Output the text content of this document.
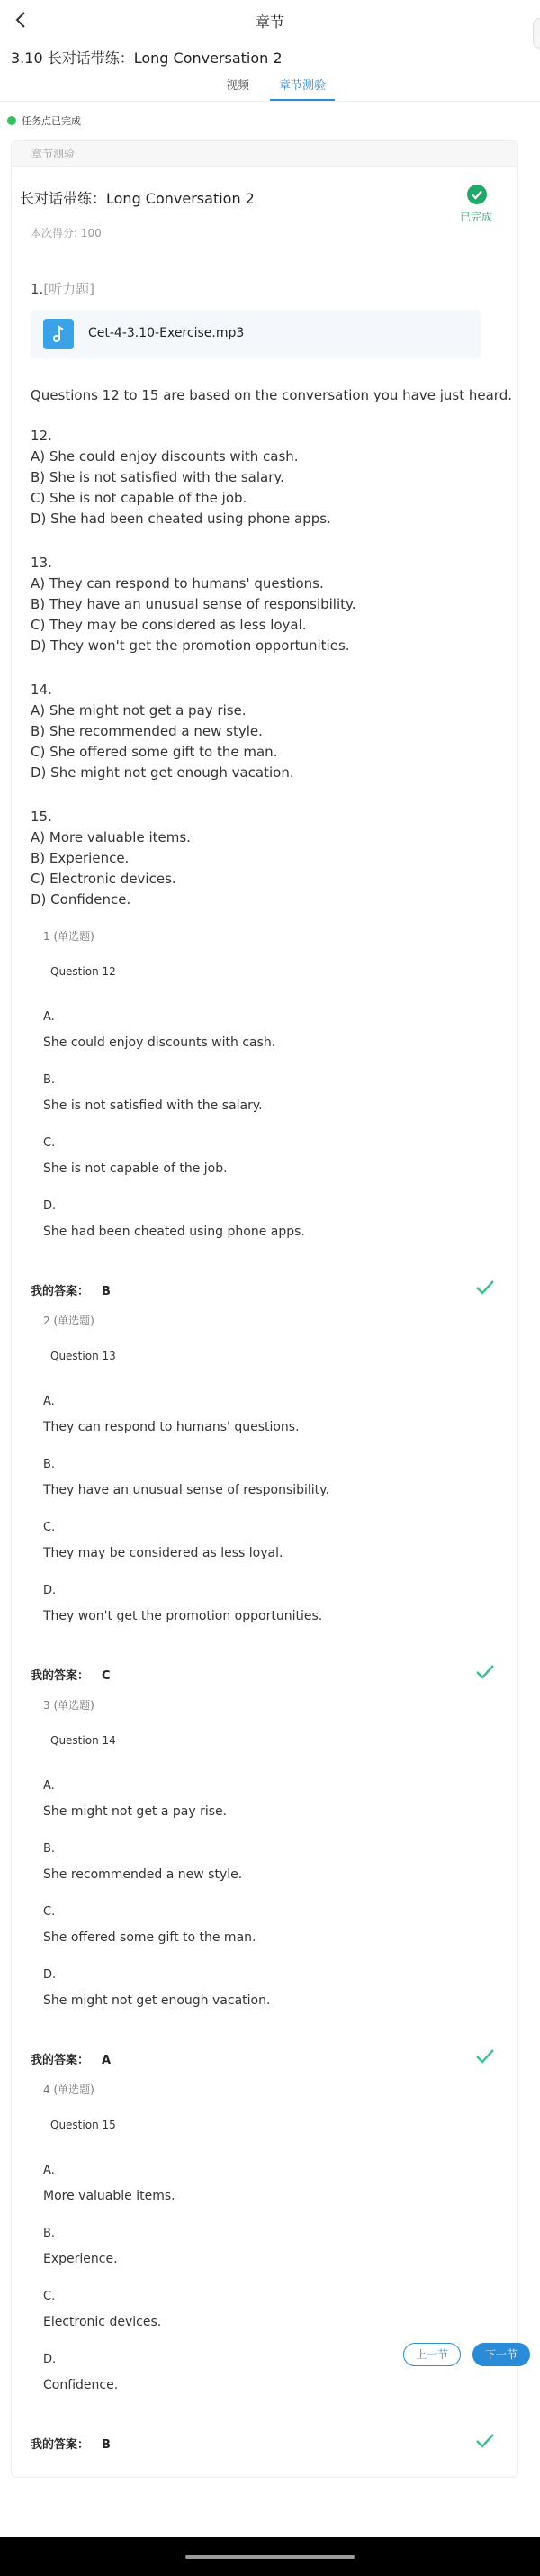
章节
3.10 长对话带练：Long Conversation 2
视频	章节测验
任务点已完成
章节测验
长对话带练：Long Conversation 2
已完成
本次得分: 100
1.[听力题]
Cet-4-3.10-Exercise.mp3
Questions 12 to 15 are based on the conversation you have just heard.
12.
A) She could enjoy discounts with cash.
B) She is not satisfied with the salary.
C) She is not capable of the job.
D) She had been cheated using phone apps.
13.
A) They can respond to humans' questions.
B) They have an unusual sense of responsibility.
C) They may be considered as less loyal.
D) They won't get the promotion opportunities.
14.
A) She might not get a pay rise.
B) She recommended a new style.
C) She offered some gift to the man.
D) She might not get enough vacation.
15.
A) More valuable items.
B) Experience.
C) Electronic devices.
D) Confidence.
1 (单选题)
Question 12
A.
She could enjoy discounts with cash.
B.
She is not satisfied with the salary.
C.
She is not capable of the job.
D.
She had been cheated using phone apps.
我的答案： B
2 (单选题)
Question 13
A.
They can respond to humans' questions.
B.
They have an unusual sense of responsibility.
C.
They may be considered as less loyal.
D.
They won't get the promotion opportunities.
我的答案： C
3 (单选题)
Question 14
A.
She might not get a pay rise.
B.
She recommended a new style.
C.
She offered some gift to the man.
D.
She might not get enough vacation.
我的答案： A
4 (单选题)
Question 15
A.
More valuable items.
B.
Experience.
C.
Electronic devices.
D.
Confidence.
我的答案： B
上一节	下一节
